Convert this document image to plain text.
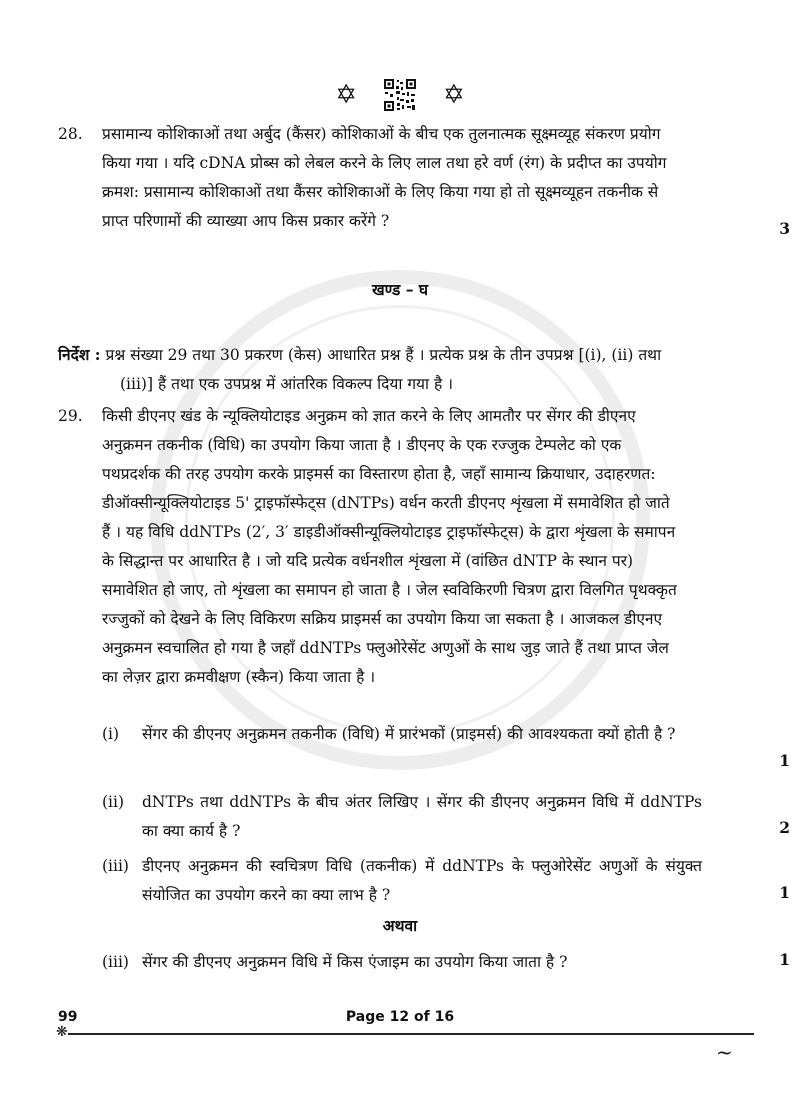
✡	✡
28.	प्रसामान्य कोशिकाओं तथा अर्बुद (कैंसर) कोशिकाओं के बीच एक तुलनात्मक सूक्ष्मव्यूह संकरण प्रयोग
किया गया । यदि cDNA प्रोब्स को लेबल करने के लिए लाल तथा हरे वर्ण (रंग) के प्रदीप्त का उपयोग
क्रमश: प्रसामान्य कोशिकाओं तथा कैंसर कोशिकाओं के लिए किया गया हो तो सूक्ष्मव्यूहन तकनीक से
प्राप्त परिणामों की व्याख्या आप किस प्रकार करेंगे ?	3
खण्ड – घ
निर्देश : प्रश्न संख्या 29 तथा 30 प्रकरण (केस) आधारित प्रश्न हैं । प्रत्येक प्रश्न के तीन उपप्रश्न [(i), (ii) तथा
(iii)] हैं तथा एक उपप्रश्न में आंतरिक विकल्प दिया गया है ।
29.	किसी डीएनए खंड के न्यूक्लियोटाइड अनुक्रम को ज्ञात करने के लिए आमतौर पर सेंगर की डीएनए
अनुक्रमन तकनीक (विधि) का उपयोग किया जाता है । डीएनए के एक रज्जुक टेम्पलेट को एक
पथप्रदर्शक की तरह उपयोग करके प्राइमर्स का विस्तारण होता है, जहाँ सामान्य क्रियाधार, उदाहरणत:
डीऑक्सीन्यूक्लियोटाइड 5' ट्राइफॉस्फेट्स (dNTPs) वर्धन करती डीएनए शृंखला में समावेशित हो जाते
हैं । यह विधि ddNTPs (2′, 3′ डाइडीऑक्सीन्यूक्लियोटाइड ट्राइफॉस्फेट्स) के द्वारा शृंखला के समापन
के सिद्धान्त पर आधारित है । जो यदि प्रत्येक वर्धनशील शृंखला में (वांछित dNTP के स्थान पर)
समावेशित हो जाए, तो शृंखला का समापन हो जाता है । जेल स्वविकिरणी चित्रण द्वारा विलगित पृथक्कृत
रज्जुकों को देखने के लिए विकिरण सक्रिय प्राइमर्स का उपयोग किया जा सकता है । आजकल डीएनए
अनुक्रमन स्वचालित हो गया है जहाँ ddNTPs फ्लुओरेसेंट अणुओं के साथ जुड़ जाते हैं तथा प्राप्त जेल
का लेज़र द्वारा क्रमवीक्षण (स्कैन) किया जाता है ।
(i)	सेंगर की डीएनए अनुक्रमन तकनीक (विधि) में प्रारंभकों (प्राइमर्स) की आवश्यकता क्यों होती है ?
1
(ii)	dNTPs तथा ddNTPs के बीच अंतर लिखिए । सेंगर की डीएनए अनुक्रमन विधि में ddNTPs का क्या कार्य है ?	2
(iii) डीएनए अनुक्रमन की स्वचित्रण विधि (तकनीक) में ddNTPs के फ्लुओरेसेंट अणुओं के संयुक्त संयोजित का उपयोग करने का क्या लाभ है ?	1
अथवा
(iii) सेंगर की डीएनए अनुक्रमन विधि में किस एंजाइम का उपयोग किया जाता है ?	1
99	Page 12 of 16
❋
~
